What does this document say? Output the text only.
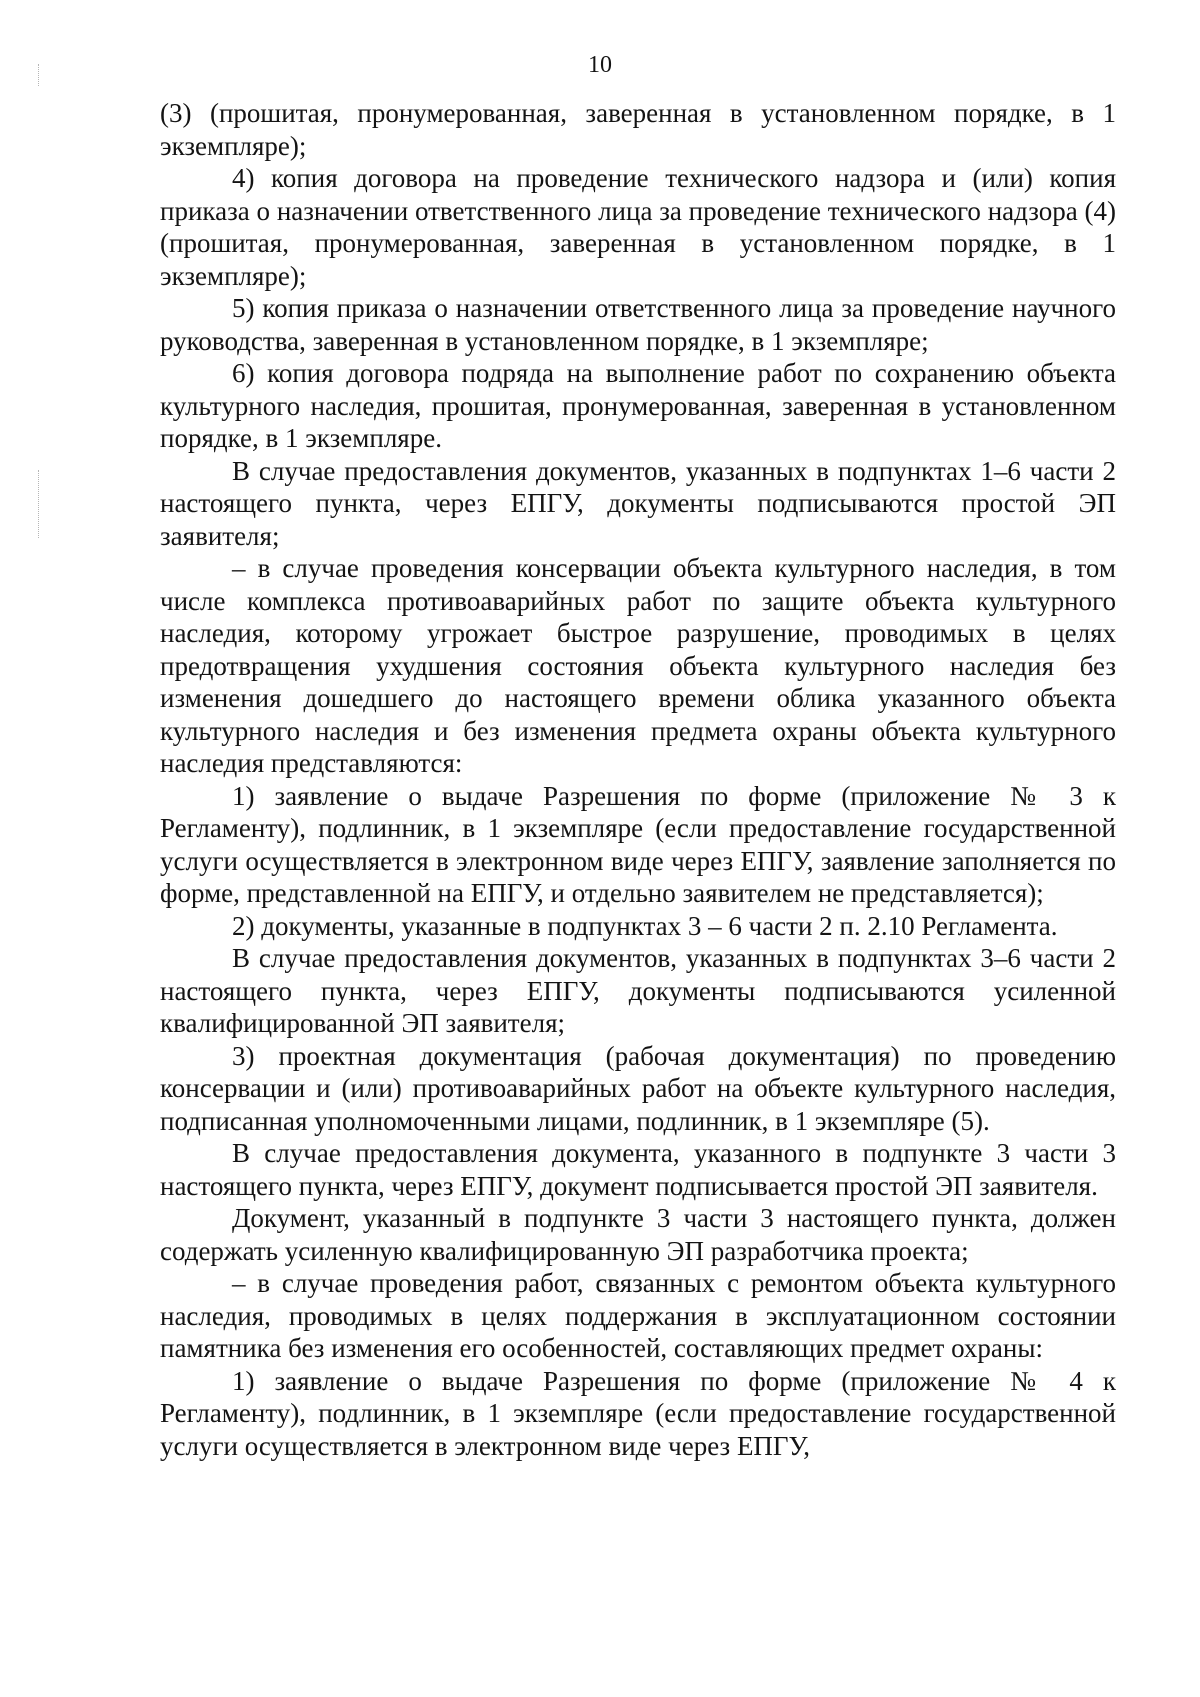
10

(3) (прошитая, пронумерованная, заверенная в установленном порядке, в 1 экземпляре);

4) копия договора на проведение технического надзора и (или) копия приказа о назначении ответственного лица за проведение технического надзора (4) (прошитая, пронумерованная, заверенная в установленном порядке, в 1 экземпляре);

5) копия приказа о назначении ответственного лица за проведение научного руководства, заверенная в установленном порядке, в 1 экземпляре;

6) копия договора подряда на выполнение работ по сохранению объекта культурного наследия, прошитая, пронумерованная, заверенная в установленном порядке, в 1 экземпляре.

В случае предоставления документов, указанных в подпунктах 1–6 части 2 настоящего пункта, через ЕПГУ, документы подписываются простой ЭП заявителя;

– в случае проведения консервации объекта культурного наследия, в том числе комплекса противоаварийных работ по защите объекта культурного наследия, которому угрожает быстрое разрушение, проводимых в целях предотвращения ухудшения состояния объекта культурного наследия без изменения дошедшего до настоящего времени облика указанного объекта культурного наследия и без изменения предмета охраны объекта культурного наследия представляются:

1) заявление о выдаче Разрешения по форме (приложение № 3 к Регламенту), подлинник, в 1 экземпляре (если предоставление государственной услуги осуществляется в электронном виде через ЕПГУ, заявление заполняется по форме, представленной на ЕПГУ, и отдельно заявителем не представляется);

2) документы, указанные в подпунктах 3 – 6 части 2 п. 2.10 Регламента.

В случае предоставления документов, указанных в подпунктах 3–6 части 2 настоящего пункта, через ЕПГУ, документы подписываются усиленной квалифицированной ЭП заявителя;

3) проектная документация (рабочая документация) по проведению консервации и (или) противоаварийных работ на объекте культурного наследия, подписанная уполномоченными лицами, подлинник, в 1 экземпляре (5).

В случае предоставления документа, указанного в подпункте 3 части 3 настоящего пункта, через ЕПГУ, документ подписывается простой ЭП заявителя.

Документ, указанный в подпункте 3 части 3 настоящего пункта, должен содержать усиленную квалифицированную ЭП разработчика проекта;

– в случае проведения работ, связанных с ремонтом объекта культурного наследия, проводимых в целях поддержания в эксплуатационном состоянии памятника без изменения его особенностей, составляющих предмет охраны:

1) заявление о выдаче Разрешения по форме (приложение № 4 к Регламенту), подлинник, в 1 экземпляре (если предоставление государственной услуги осуществляется в электронном виде через ЕПГУ,
